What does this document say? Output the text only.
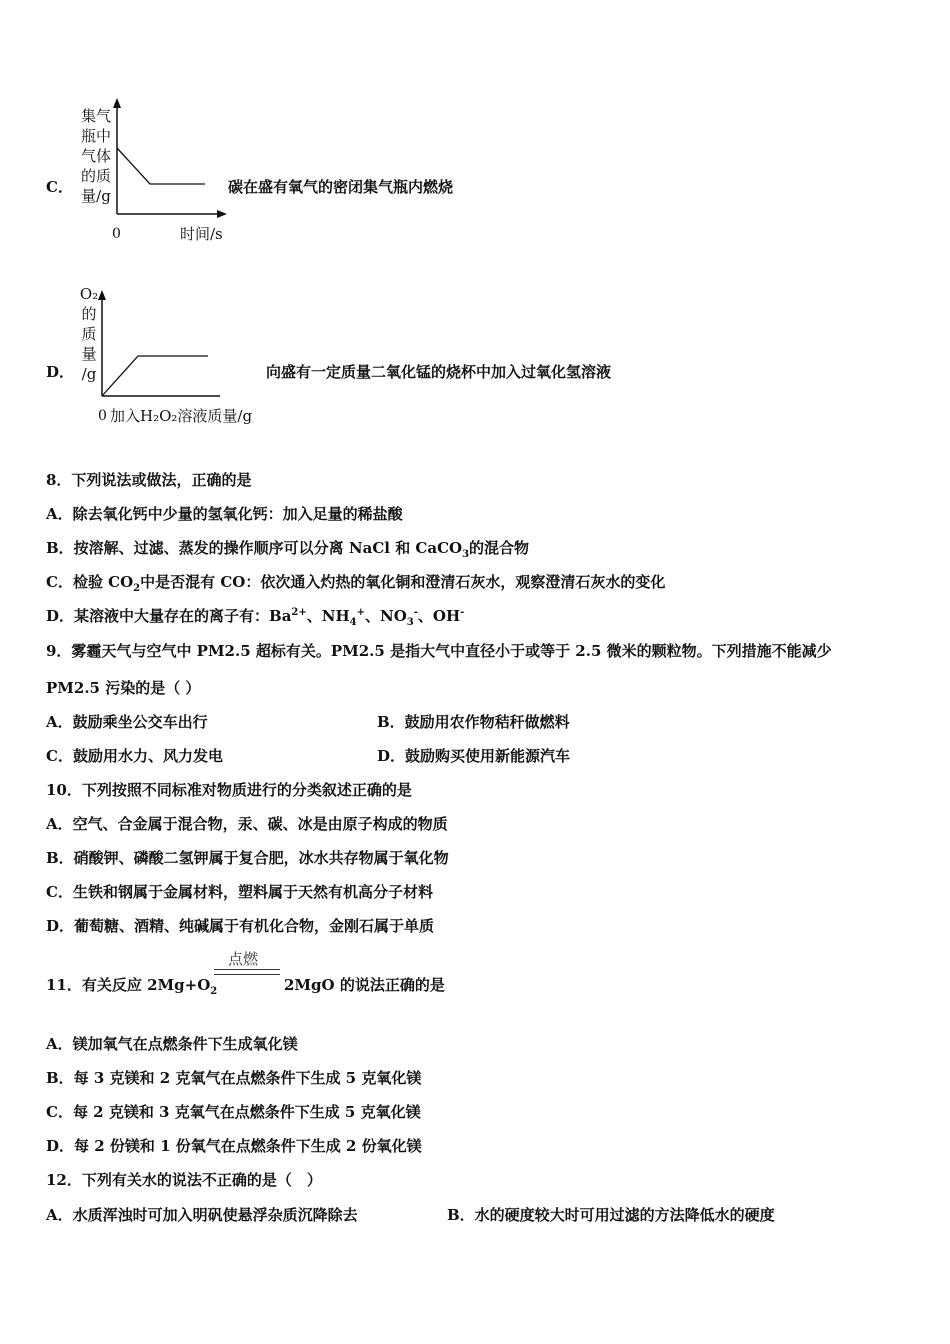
C．
集气
瓶中
气体
的质
量/g
0	时间/s
碳在盛有氧气的密闭集气瓶内燃烧
D．
O₂
的
质
量
/g
0 加入H₂O₂溶液质量/g
向盛有一定质量二氧化锰的烧杯中加入过氧化氢溶液
8．下列说法或做法，正确的是
A．除去氧化钙中少量的氢氧化钙：加入足量的稀盐酸
B．按溶解、过滤、蒸发的操作顺序可以分离 NaCl 和 CaCO$_3$的混合物
C．检验 $CO_2$中是否混有 CO：依次通入灼热的氧化铜和澄清石灰水，观察澄清石灰水的变化
D．某溶液中大量存在的离子有：$Ba^{2+}$、$NH_4^+$、$NO_3^-$、OH-
9．雾霾天气与空气中 PM2.5 超标有关。PM2.5 是指大气中直径小于或等于 2.5 微米的颗粒物。下列措施不能减少
PM2.5 污染的是（ ）
A．鼓励乘坐公交车出行	B．鼓励用农作物秸秆做燃料
C．鼓励用水力、风力发电	D．鼓励购买使用新能源汽车
10．下列按照不同标准对物质进行的分类叙述正确的是
A．空气、合金属于混合物，汞、碳、冰是由原子构成的物质
B．硝酸钾、磷酸二氢钾属于复合肥，冰水共存物属于氧化物
C．生铁和钢属于金属材料，塑料属于天然有机高分子材料
D．葡萄糖、酒精、纯碱属于有机化合物，金刚石属于单质
11．有关反应 $2Mg+O_2$
点燃
2MgO 的说法正确的是
A．镁加氧气在点燃条件下生成氧化镁
B．每 3 克镁和 2 克氧气在点燃条件下生成 5 克氧化镁
C．每 2 克镁和 3 克氧气在点燃条件下生成 5 克氧化镁
D．每 2 份镁和 1 份氧气在点燃条件下生成 2 份氧化镁
12．下列有关水的说法不正确的是（　）
A．水质浑浊时可加入明矾使悬浮杂质沉降除去	B．水的硬度较大时可用过滤的方法降低水的硬度
